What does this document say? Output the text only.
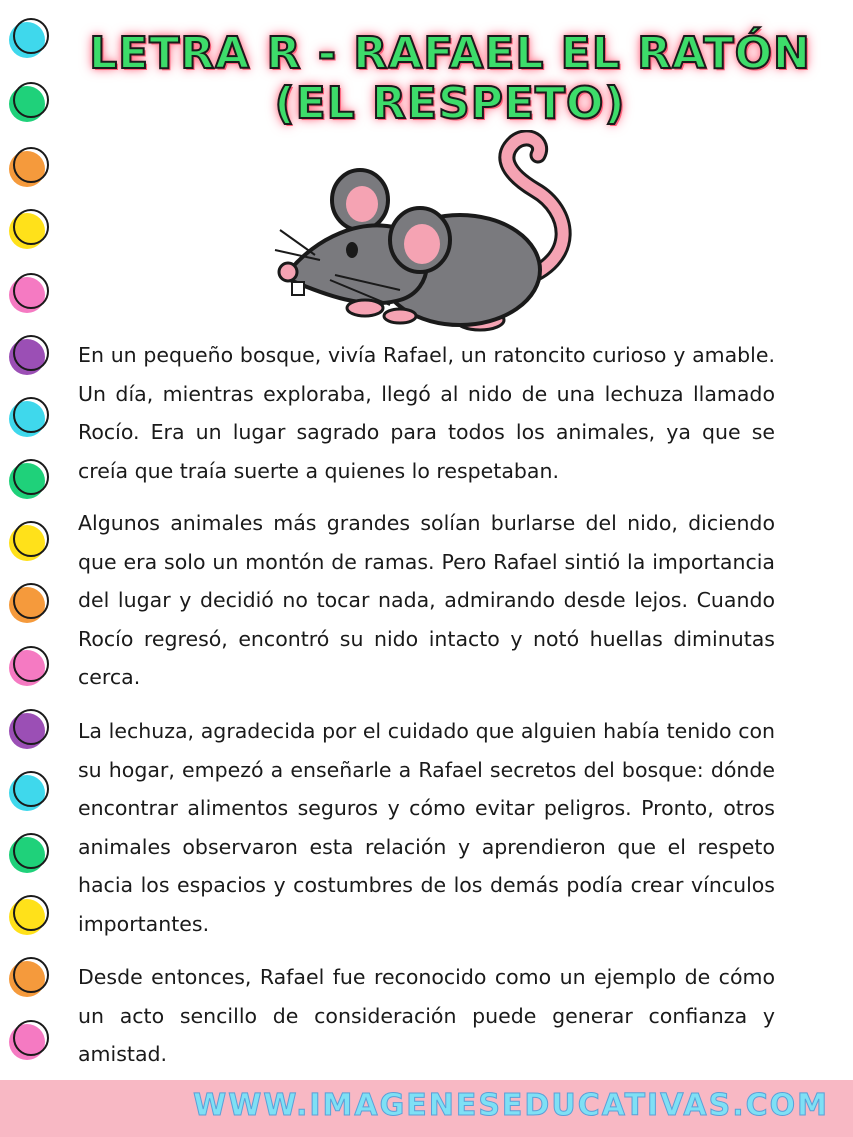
LETRA R - RAFAEL EL RATÓN
(EL RESPETO)

En un pequeño bosque, vivía Rafael, un ratoncito curioso y amable. Un día, mientras exploraba, llegó al nido de una lechuza llamado Rocío. Era un lugar sagrado para todos los animales, ya que se creía que traía suerte a quienes lo respetaban.

Algunos animales más grandes solían burlarse del nido, diciendo que era solo un montón de ramas. Pero Rafael sintió la importancia del lugar y decidió no tocar nada, admirando desde lejos. Cuando Rocío regresó, encontró su nido intacto y notó huellas diminutas cerca.

La lechuza, agradecida por el cuidado que alguien había tenido con su hogar, empezó a enseñarle a Rafael secretos del bosque: dónde encontrar alimentos seguros y cómo evitar peligros. Pronto, otros animales observaron esta relación y aprendieron que el respeto hacia los espacios y costumbres de los demás podía crear vínculos importantes.

Desde entonces, Rafael fue reconocido como un ejemplo de cómo un acto sencillo de consideración puede generar confianza y amistad.

WWW.IMAGENESEDUCATIVAS.COM
